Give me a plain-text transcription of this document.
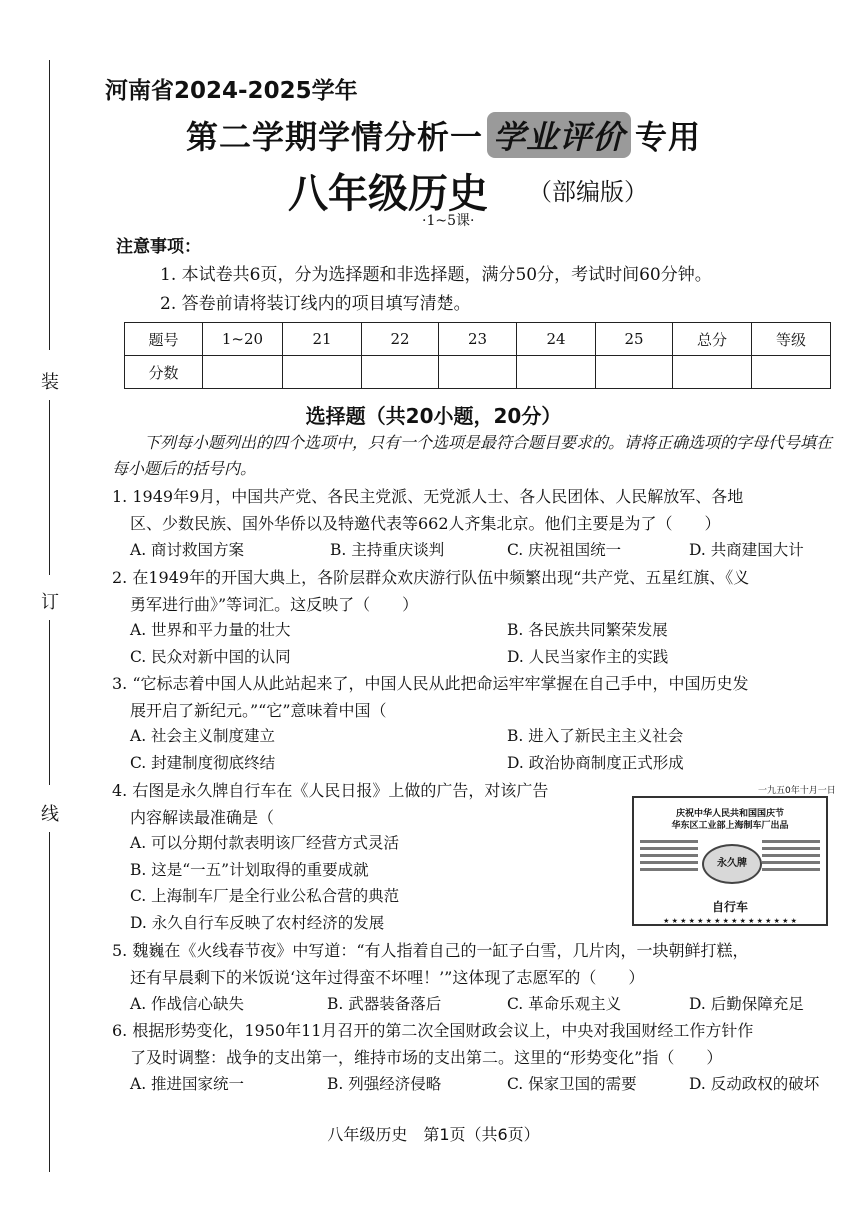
装
订
线
河南省2024-2025学年
第二学期学情分析一 学业评价 专用
八年级历史 （部编版）
·1~5课·
注意事项：
1. 本试卷共6页，分为选择题和非选择题，满分50分，考试时间60分钟。
2. 答卷前请将装订线内的项目填写清楚。
题号	1~20	21	22	23	24	25	总分	等级
分数								
选择题（共20小题，20分）
下列每小题列出的四个选项中，只有一个选项是最符合题目要求的。请将正确选项的字母代号填在每小题后的括号内。
1. 1949年9月，中国共产党、各民主党派、无党派人士、各人民团体、人民解放军、各地
区、少数民族、国外华侨以及特邀代表等662人齐集北京。他们主要是为了（　　）
A. 商讨救国方案	B. 主持重庆谈判	C. 庆祝祖国统一	D. 共商建国大计
2. 在1949年的开国大典上，各阶层群众欢庆游行队伍中频繁出现“共产党、五星红旗、《义
勇军进行曲》”等词汇。这反映了（　　）
A. 世界和平力量的壮大	B. 各民族共同繁荣发展
C. 民众对新中国的认同	D. 人民当家作主的实践
3. “它标志着中国人从此站起来了，中国人民从此把命运牢牢掌握在自己手中，中国历史发
展开启了新纪元。”“它”意味着中国（
A. 社会主义制度建立	B. 进入了新民主主义社会
C. 封建制度彻底终结	D. 政治协商制度正式形成
4. 右图是永久牌自行车在《人民日报》上做的广告，对该广告
内容解读最准确是（
A. 可以分期付款表明该厂经营方式灵活
B. 这是“一五”计划取得的重要成就
C. 上海制车厂是全行业公私合营的典范
D. 永久自行车反映了农村经济的发展
一九五0年十月一日
庆祝中华人民共和国国庆节
华东区工业部上海制车厂出品
永久牌
自行车
★ ★ ★ ★ ★ ★ ★ ★ ★ ★ ★ ★ ★ ★ ★ ★
5. 魏巍在《火线春节夜》中写道：“有人指着自己的一缸子白雪，几片肉，一块朝鲜打糕，
还有早晨剩下的米饭说‘这年过得蛮不坏哩！’”这体现了志愿军的（　　）
A. 作战信心缺失	B. 武器装备落后	C. 革命乐观主义	D. 后勤保障充足
6. 根据形势变化，1950年11月召开的第二次全国财政会议上，中央对我国财经工作方针作
了及时调整：战争的支出第一，维持市场的支出第二。这里的“形势变化”指（　　）
A. 推进国家统一	B. 列强经济侵略	C. 保家卫国的需要	D. 反动政权的破坏
八年级历史　第1页（共6页）
